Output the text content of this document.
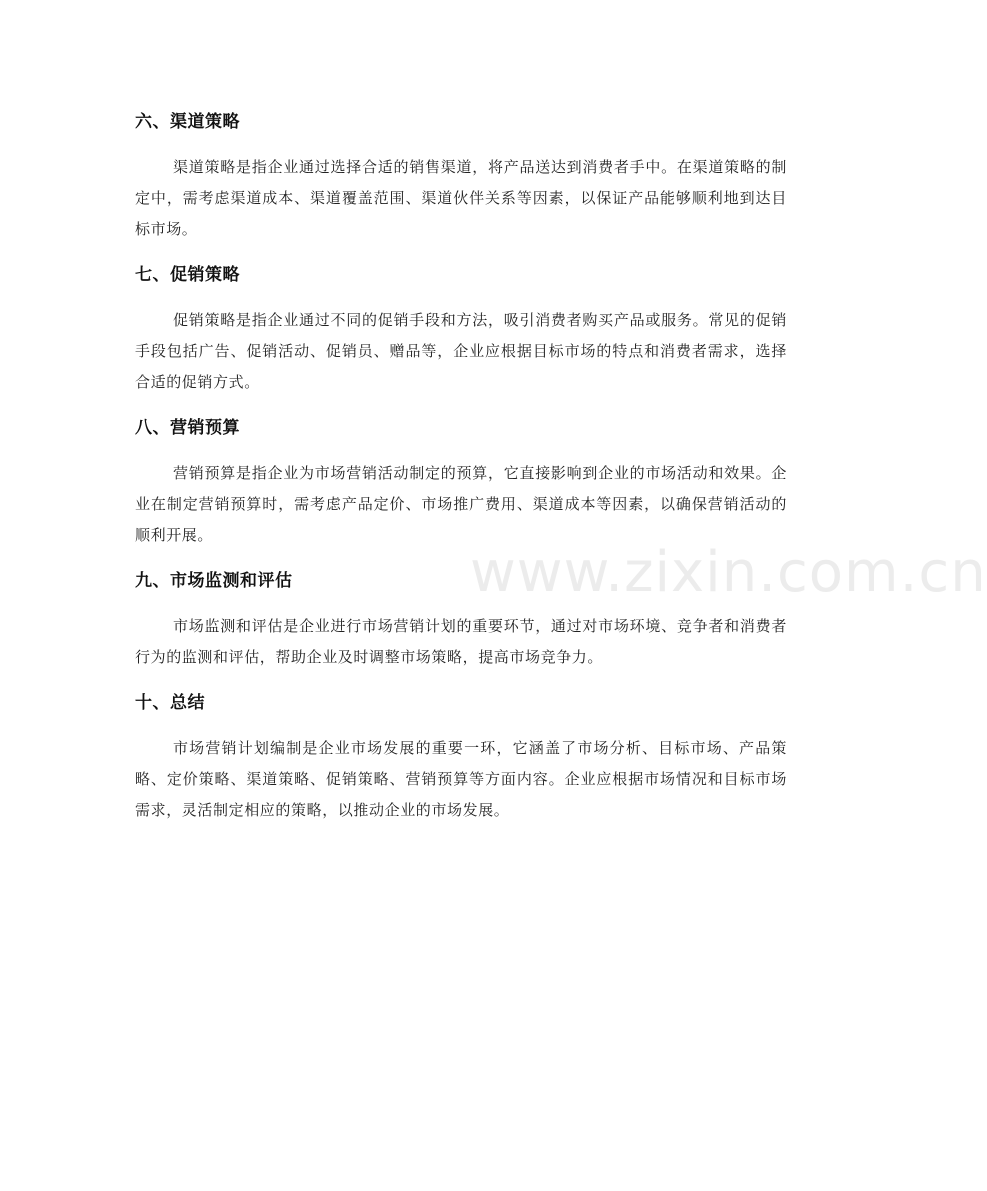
www.zixin.com.cn
六、渠道策略

渠道策略是指企业通过选择合适的销售渠道，将产品送达到消费者手中。在渠道策略的制定中，需考虑渠道成本、渠道覆盖范围、渠道伙伴关系等因素，以保证产品能够顺利地到达目标市场。

七、促销策略

促销策略是指企业通过不同的促销手段和方法，吸引消费者购买产品或服务。常见的促销手段包括广告、促销活动、促销员、赠品等，企业应根据目标市场的特点和消费者需求，选择合适的促销方式。

八、营销预算

营销预算是指企业为市场营销活动制定的预算，它直接影响到企业的市场活动和效果。企业在制定营销预算时，需考虑产品定价、市场推广费用、渠道成本等因素，以确保营销活动的顺利开展。

九、市场监测和评估

市场监测和评估是企业进行市场营销计划的重要环节，通过对市场环境、竞争者和消费者行为的监测和评估，帮助企业及时调整市场策略，提高市场竞争力。

十、总结

市场营销计划编制是企业市场发展的重要一环，它涵盖了市场分析、目标市场、产品策略、定价策略、渠道策略、促销策略、营销预算等方面内容。企业应根据市场情况和目标市场需求，灵活制定相应的策略，以推动企业的市场发展。
